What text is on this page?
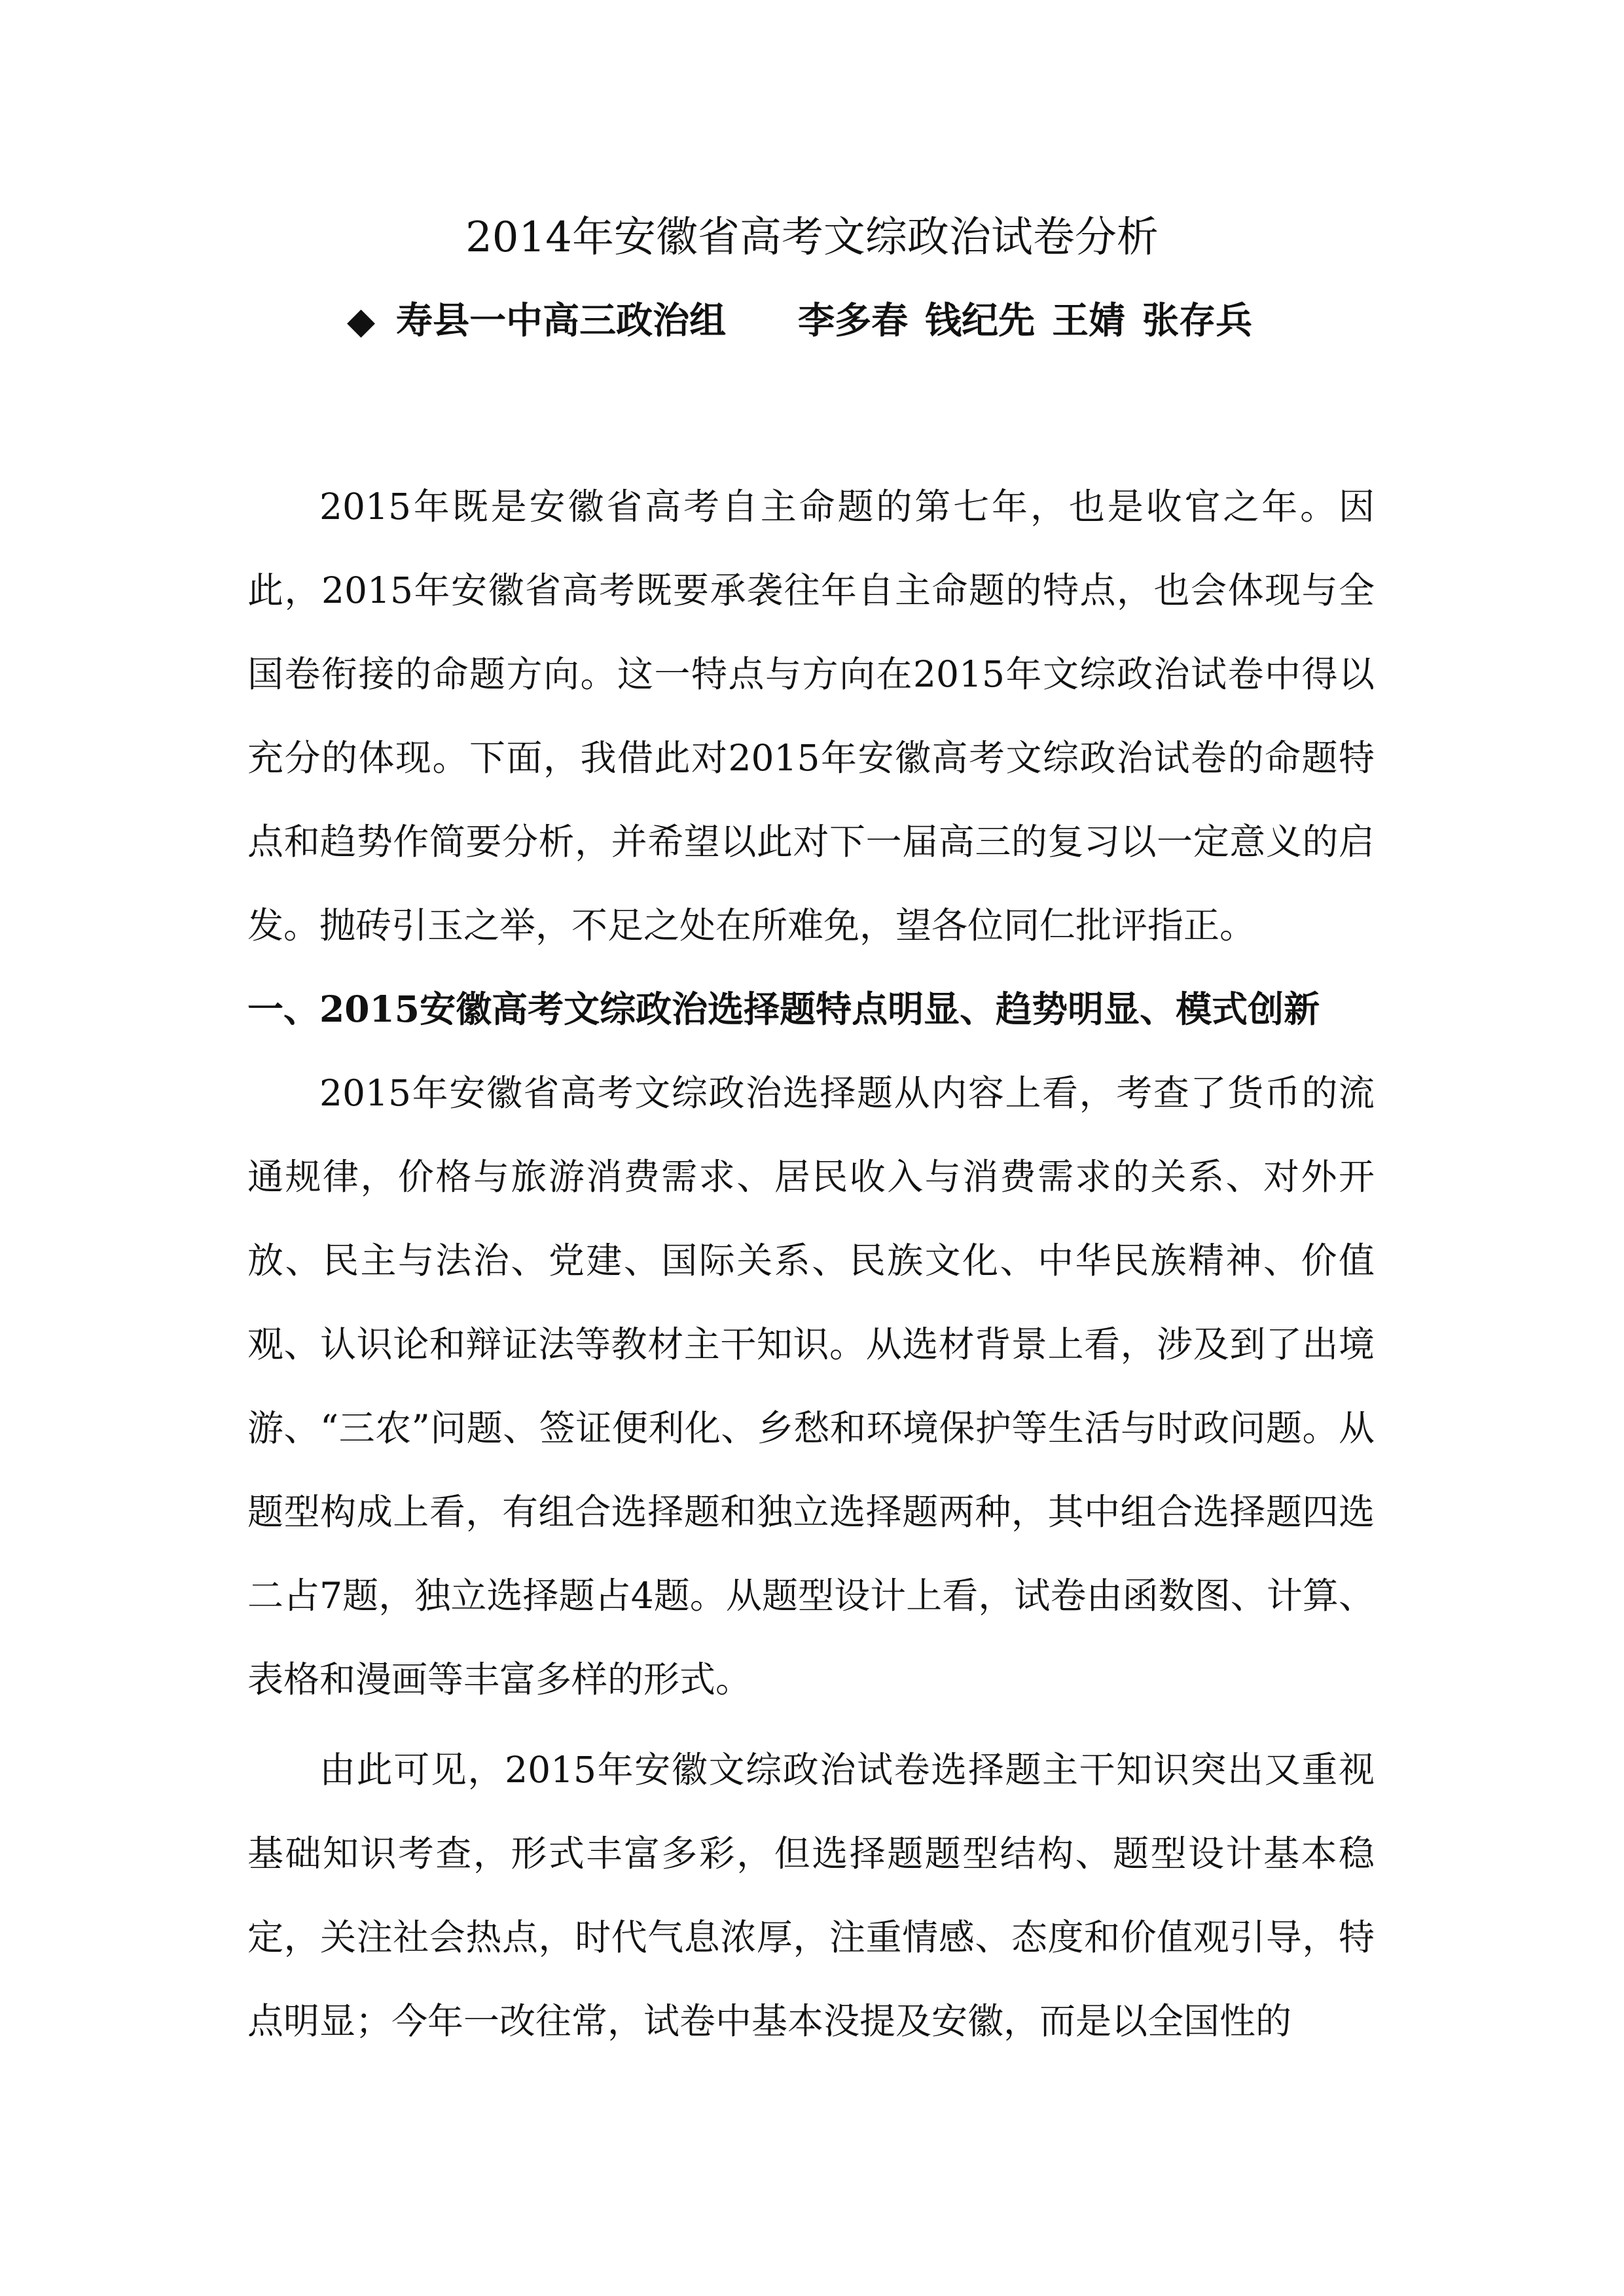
2014年安徽省高考文综政治试卷分析
◆ 寿县一中高三政治组 李多春 钱纪先 王婧 张存兵

2015年既是安徽省高考自主命题的第七年，也是收官之年。因此，2015年安徽省高考既要承袭往年自主命题的特点，也会体现与全国卷衔接的命题方向。这一特点与方向在2015年文综政治试卷中得以充分的体现。下面，我借此对2015年安徽高考文综政治试卷的命题特点和趋势作简要分析，并希望以此对下一届高三的复习以一定意义的启发。抛砖引玉之举，不足之处在所难免，望各位同仁批评指正。

一、2015安徽高考文综政治选择题特点明显、趋势明显、模式创新

2015年安徽省高考文综政治选择题从内容上看，考查了货币的流通规律，价格与旅游消费需求、居民收入与消费需求的关系、对外开放、民主与法治、党建、国际关系、民族文化、中华民族精神、价值观、认识论和辩证法等教材主干知识。从选材背景上看，涉及到了出境游、“三农”问题、签证便利化、乡愁和环境保护等生活与时政问题。从题型构成上看，有组合选择题和独立选择题两种，其中组合选择题四选二占7题，独立选择题占4题。从题型设计上看，试卷由函数图、计算、表格和漫画等丰富多样的形式。

由此可见，2015年安徽文综政治试卷选择题主干知识突出又重视基础知识考查，形式丰富多彩，但选择题题型结构、题型设计基本稳定，关注社会热点，时代气息浓厚，注重情感、态度和价值观引导，特点明显；今年一改往常，试卷中基本没提及安徽，而是以全国性的
